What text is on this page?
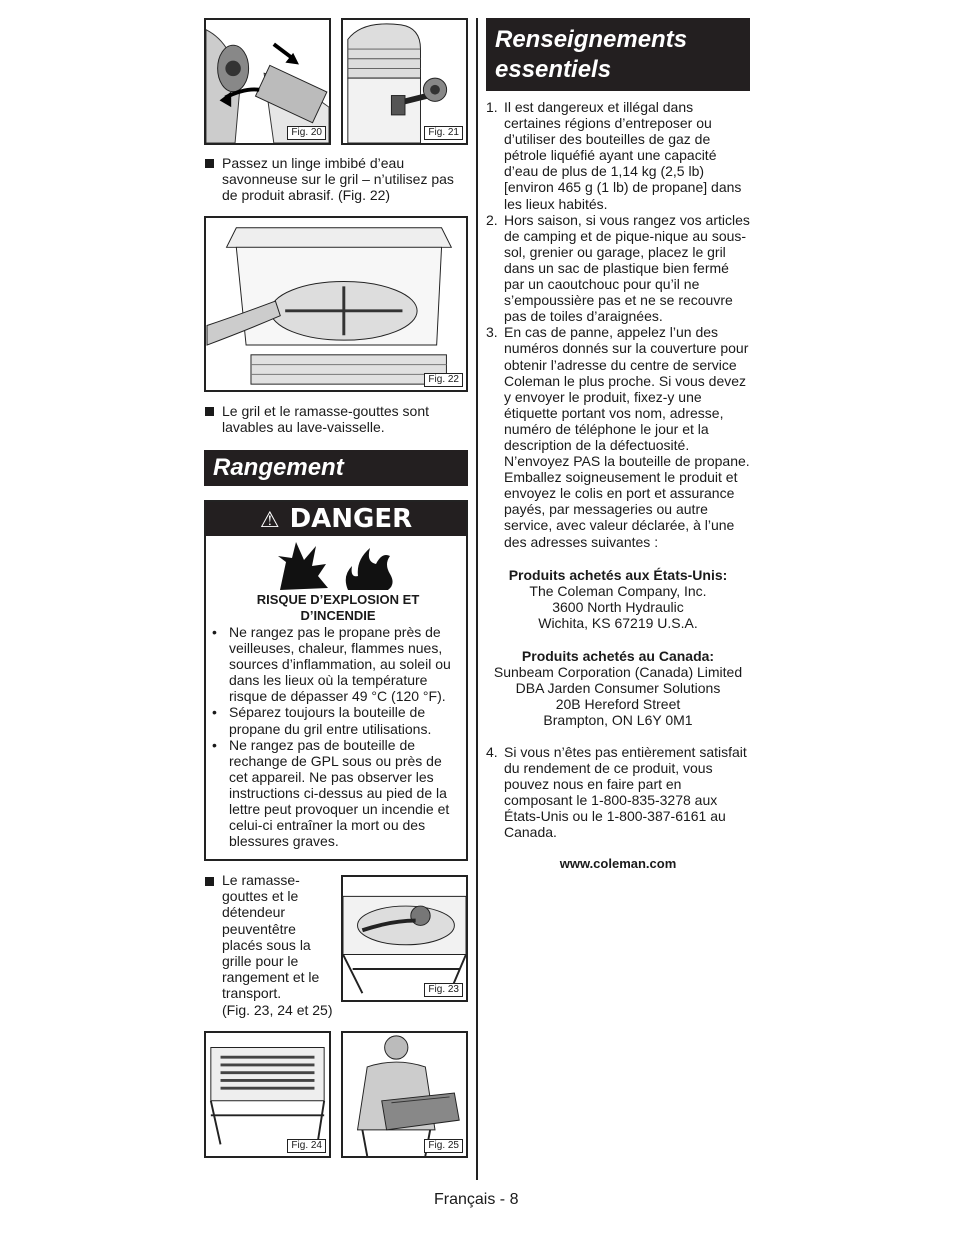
Fig. 20	Fig. 21
Passez un linge imbibé d’eau savonneuse sur le gril – n’utilisez pas de produit abrasif. (Fig. 22)
Fig. 22
Le gril et le ramasse-gouttes sont lavables au lave-vaisselle.
Rangement
⚠ DANGER
RISQUE D’EXPLOSION ET D’INCENDIE
• Ne rangez pas le propane près de veilleuses, chaleur, flammes nues, sources d’inflammation, au soleil ou dans les lieux où la température risque de dépasser 49 °C (120 °F).
• Séparez toujours la bouteille de propane du gril entre utilisations.
• Ne rangez pas de bouteille de rechange de GPL sous ou près de cet appareil. Ne pas observer les instructions ci-dessus au pied de la lettre peut provoquer un incendie et celui-ci entraîner la mort ou des blessures graves.
Le ramasse-
gouttes et le
détendeur
peuventêtre
placés sous la
grille pour le
rangement et le
transport.
(Fig. 23, 24 et 25)
Fig. 23
Fig. 24	Fig. 25
Renseignements
essentiels
1. Il est dangereux et illégal dans certaines régions d’entreposer ou d’utiliser des bouteilles de gaz de pétrole liquéfié ayant une capacité d’eau de plus de 1,14 kg (2,5 lb) [environ 465 g (1 lb) de propane] dans les lieux habités.
2. Hors saison, si vous rangez vos articles de camping et de pique-nique au sous-sol, grenier ou garage, placez le gril dans un sac de plastique bien fermé par un caoutchouc pour qu’il ne s’empoussière pas et ne se recouvre pas de toiles d’araignées.
3. En cas de panne, appelez l’un des numéros donnés sur la couverture pour obtenir l’adresse du centre de service Coleman le plus proche. Si vous devez y envoyer le produit, fixez-y une étiquette portant vos nom, adresse, numéro de téléphone le jour et la description de la défectuosité. N’envoyez PAS la bouteille de propane. Emballez soigneusement le produit et envoyez le colis en port et assurance payés, par messageries ou autre service, avec valeur déclarée, à l’une des adresses suivantes :
Produits achetés aux États-Unis:
The Coleman Company, Inc.
3600 North Hydraulic
Wichita, KS 67219 U.S.A.
Produits achetés au Canada:
Sunbeam Corporation (Canada) Limited
DBA Jarden Consumer Solutions
20B Hereford Street
Brampton, ON L6Y 0M1
4. Si vous n’êtes pas entièrement satisfait du rendement de ce produit, vous pouvez nous en faire part en composant le 1-800-835-3278 aux États-Unis ou le 1-800-387-6161 au Canada.
www.coleman.com
Français - 8
